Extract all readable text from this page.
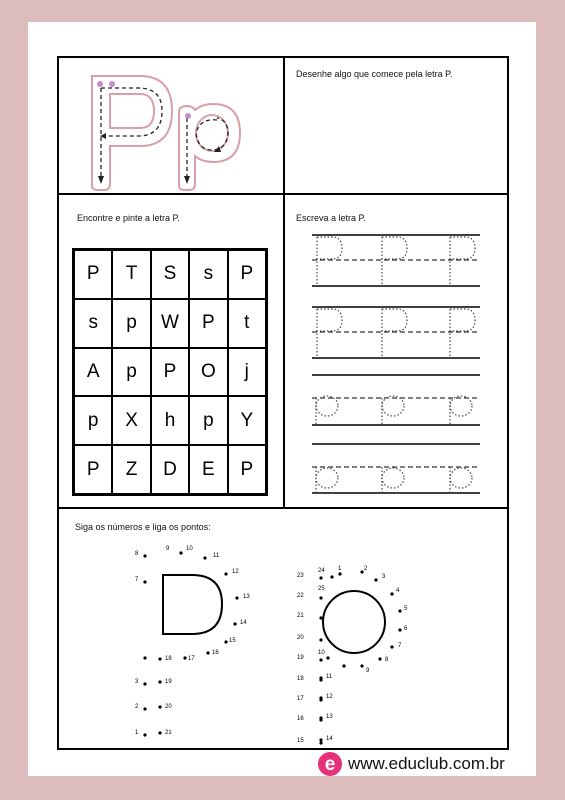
Desenhe algo que comece pela letra P.
Encontre e pinte a letra P.	Escreva a letra P.
Siga os números e liga os pontos:
P	T	S	s	P
s	p	W	P	t
A	p	P	O	j
p	X	h	p	Y
P	Z	D	E	P
1
2
3
7
8
9	10
11
12
13
14
15
16
17
18
19
20
21
1	2
3
4
5
6
7
8
9
10
11
12
13
14
15
16
17
18
19
20
21
22
23
24
25
e www.educlub.com.br
